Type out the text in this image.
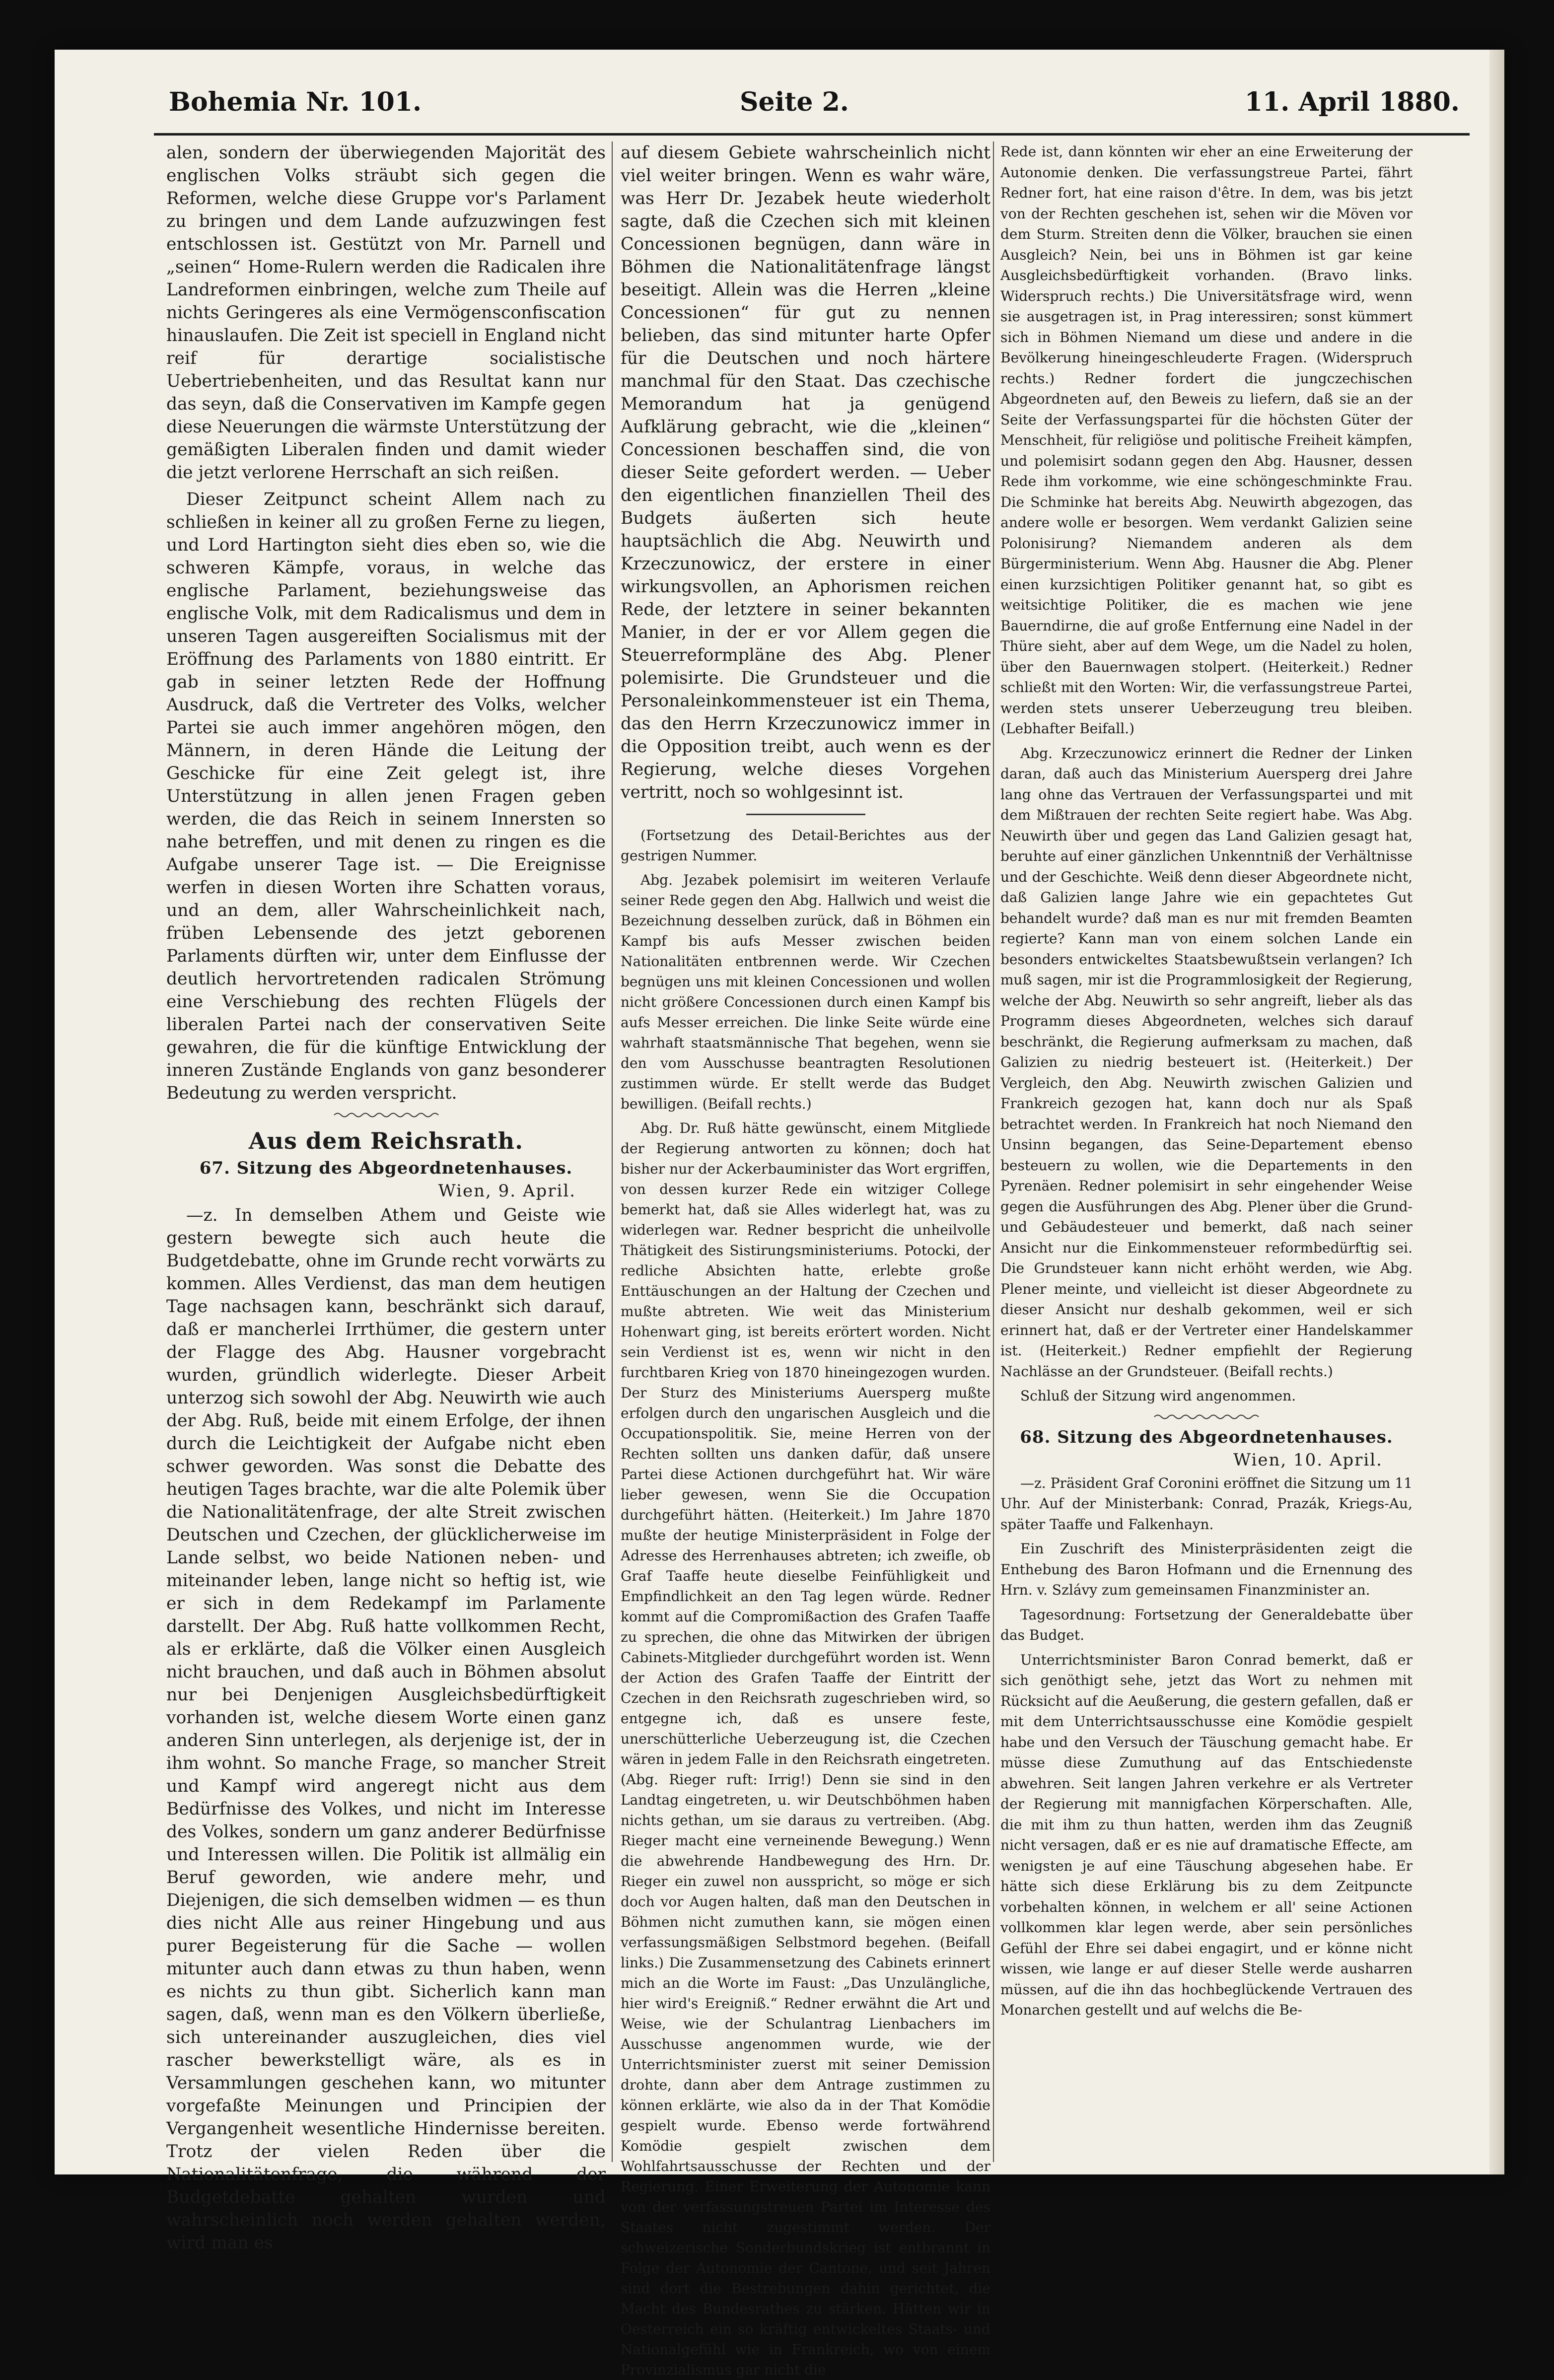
Bohemia Nr. 101.	Seite 2.	11. April 1880.

alen, sondern der überwiegenden Majorität des englischen Volks sträubt sich gegen die Reformen, welche diese Gruppe vor's Parlament zu bringen und dem Lande aufzuzwingen fest entschlossen ist. Gestützt von Mr. Parnell und „seinen“ Home-Rulern werden die Radicalen ihre Landreformen einbringen, welche zum Theile auf nichts Geringeres als eine Vermögensconfiscation hinauslaufen. Die Zeit ist speciell in England nicht reif für derartige socialistische Uebertriebenheiten, und das Resultat kann nur das seyn, daß die Conservativen im Kampfe gegen diese Neuerungen die wärmste Unterstützung der gemäßigten Liberalen finden und damit wieder die jetzt verlorene Herrschaft an sich reißen.

Dieser Zeitpunct scheint Allem nach zu schließen in keiner all zu großen Ferne zu liegen, und Lord Hartington sieht dies eben so, wie die schweren Kämpfe, voraus, in welche das englische Parlament, beziehungsweise das englische Volk, mit dem Radicalismus und dem in unseren Tagen ausgereiften Socialismus mit der Eröffnung des Parlaments von 1880 eintritt. Er gab in seiner letzten Rede der Hoffnung Ausdruck, daß die Vertreter des Volks, welcher Partei sie auch immer angehören mögen, den Männern, in deren Hände die Leitung der Geschicke für eine Zeit gelegt ist, ihre Unterstützung in allen jenen Fragen geben werden, die das Reich in seinem Innersten so nahe betreffen, und mit denen zu ringen es die Aufgabe unserer Tage ist. — Die Ereignisse werfen in diesen Worten ihre Schatten voraus, und an dem, aller Wahrscheinlichkeit nach, früben Lebensende des jetzt geborenen Parlaments dürften wir, unter dem Einflusse der deutlich hervortretenden radicalen Strömung eine Verschiebung des rechten Flügels der liberalen Partei nach der conservativen Seite gewahren, die für die künftige Entwicklung der inneren Zustände Englands von ganz besonderer Bedeutung zu werden verspricht.

Aus dem Reichsrath.
67. Sitzung des Abgeordnetenhauses.
Wien, 9. April.

—z. In demselben Athem und Geiste wie gestern bewegte sich auch heute die Budgetdebatte, ohne im Grunde recht vorwärts zu kommen. Alles Verdienst, das man dem heutigen Tage nachsagen kann, beschränkt sich darauf, daß er mancherlei Irrthümer, die gestern unter der Flagge des Abg. Hausner vorgebracht wurden, gründlich widerlegte. Dieser Arbeit unterzog sich sowohl der Abg. Neuwirth wie auch der Abg. Ruß, beide mit einem Erfolge, der ihnen durch die Leichtigkeit der Aufgabe nicht eben schwer geworden. Was sonst die Debatte des heutigen Tages brachte, war die alte Polemik über die Nationalitätenfrage, der alte Streit zwischen Deutschen und Czechen, der glücklicherweise im Lande selbst, wo beide Nationen neben- und miteinander leben, lange nicht so heftig ist, wie er sich in dem Redekampf im Parlamente darstellt. Der Abg. Ruß hatte vollkommen Recht, als er erklärte, daß die Völker einen Ausgleich nicht brauchen, und daß auch in Böhmen absolut nur bei Denjenigen Ausgleichsbedürftigkeit vorhanden ist, welche diesem Worte einen ganz anderen Sinn unterlegen, als derjenige ist, der in ihm wohnt. So manche Frage, so mancher Streit und Kampf wird angeregt nicht aus dem Bedürfnisse des Volkes, und nicht im Interesse des Volkes, sondern um ganz anderer Bedürfnisse und Interessen willen. Die Politik ist allmälig ein Beruf geworden, wie andere mehr, und Diejenigen, die sich demselben widmen — es thun dies nicht Alle aus reiner Hingebung und aus purer Begeisterung für die Sache — wollen mitunter auch dann etwas zu thun haben, wenn es nichts zu thun gibt. Sicherlich kann man sagen, daß, wenn man es den Völkern überließe, sich untereinander auszugleichen, dies viel rascher bewerkstelligt wäre, als es in Versammlungen geschehen kann, wo mitunter vorgefaßte Meinungen und Principien der Vergangenheit wesentliche Hindernisse bereiten. Trotz der vielen Reden über die Nationalitätenfrage, die während der Budgetdebatte gehalten wurden und wahrscheinlich noch werden gehalten werden, wird man es

auf diesem Gebiete wahrscheinlich nicht viel weiter bringen. Wenn es wahr wäre, was Herr Dr. Jezabek heute wiederholt sagte, daß die Czechen sich mit kleinen Concessionen begnügen, dann wäre in Böhmen die Nationalitätenfrage längst beseitigt. Allein was die Herren „kleine Concessionen“ für gut zu nennen belieben, das sind mitunter harte Opfer für die Deutschen und noch härtere manchmal für den Staat. Das czechische Memorandum hat ja genügend Aufklärung gebracht, wie die „kleinen“ Concessionen beschaffen sind, die von dieser Seite gefordert werden. — Ueber den eigentlichen finanziellen Theil des Budgets äußerten sich heute hauptsächlich die Abg. Neuwirth und Krzeczunowicz, der erstere in einer wirkungsvollen, an Aphorismen reichen Rede, der letztere in seiner bekannten Manier, in der er vor Allem gegen die Steuerreformpläne des Abg. Plener polemisirte. Die Grundsteuer und die Personaleinkommensteuer ist ein Thema, das den Herrn Krzeczunowicz immer in die Opposition treibt, auch wenn es der Regierung, welche dieses Vorgehen vertritt, noch so wohlgesinnt ist.

(Fortsetzung des Detail-Berichtes aus der gestrigen Nummer.

Abg. Jezabek polemisirt im weiteren Verlaufe seiner Rede gegen den Abg. Hallwich und weist die Bezeichnung desselben zurück, daß in Böhmen ein Kampf bis aufs Messer zwischen beiden Nationalitäten entbrennen werde. Wir Czechen begnügen uns mit kleinen Concessionen und wollen nicht größere Concessionen durch einen Kampf bis aufs Messer erreichen. Die linke Seite würde eine wahrhaft staatsmännische That begehen, wenn sie den vom Ausschusse beantragten Resolutionen zustimmen würde. Er stellt werde das Budget bewilligen. (Beifall rechts.)

Abg. Dr. Ruß hätte gewünscht, einem Mitgliede der Regierung antworten zu können; doch hat bisher nur der Ackerbauminister das Wort ergriffen, von dessen kurzer Rede ein witziger College bemerkt hat, daß sie Alles widerlegt hat, was zu widerlegen war. Redner bespricht die unheilvolle Thätigkeit des Sistirungsministeriums. Potocki, der redliche Absichten hatte, erlebte große Enttäuschungen an der Haltung der Czechen und mußte abtreten. Wie weit das Ministerium Hohenwart ging, ist bereits erörtert worden. Nicht sein Verdienst ist es, wenn wir nicht in den furchtbaren Krieg von 1870 hineingezogen wurden. Der Sturz des Ministeriums Auersperg mußte erfolgen durch den ungarischen Ausgleich und die Occupationspolitik. Sie, meine Herren von der Rechten sollten uns danken dafür, daß unsere Partei diese Actionen durchgeführt hat. Wir wäre lieber gewesen, wenn Sie die Occupation durchgeführt hätten. (Heiterkeit.) Im Jahre 1870 mußte der heutige Ministerpräsident in Folge der Adresse des Herrenhauses abtreten; ich zweifle, ob Graf Taaffe heute dieselbe Feinfühligkeit und Empfindlichkeit an den Tag legen würde. Redner kommt auf die Compromißaction des Grafen Taaffe zu sprechen, die ohne das Mitwirken der übrigen Cabinets-Mitglieder durchgeführt worden ist. Wenn der Action des Grafen Taaffe der Eintritt der Czechen in den Reichsrath zugeschrieben wird, so entgegne ich, daß es unsere feste, unerschütterliche Ueberzeugung ist, die Czechen wären in jedem Falle in den Reichsrath eingetreten. (Abg. Rieger ruft: Irrig!) Denn sie sind in den Landtag eingetreten, u. wir Deutschböhmen haben nichts gethan, um sie daraus zu vertreiben. (Abg. Rieger macht eine verneinende Bewegung.) Wenn die abwehrende Handbewegung des Hrn. Dr. Rieger ein zuwel non ausspricht, so möge er sich doch vor Augen halten, daß man den Deutschen in Böhmen nicht zumuthen kann, sie mögen einen verfassungsmäßigen Selbstmord begehen. (Beifall links.) Die Zusammensetzung des Cabinets erinnert mich an die Worte im Faust: „Das Unzulängliche, hier wird's Ereigniß.“ Redner erwähnt die Art und Weise, wie der Schulantrag Lienbachers im Ausschusse angenommen wurde, wie der Unterrichtsminister zuerst mit seiner Demission drohte, dann aber dem Antrage zustimmen zu können erklärte, wie also da in der That Komödie gespielt wurde. Ebenso werde fortwährend Komödie gespielt zwischen dem Wohlfahrtsausschusse der Rechten und der Regierung. Einer Erweiterung der Autonomie kann von der verfassungstreuen Partei im Interesse des Staates nicht zugestimmt werden. Der schweizerische Sonderbundskrieg ist entbrannt in Folge der Autonomie der Cantone, und seit Jahren sind dort die Bestrebungen dahin gerichtet, die Macht des Bundesrathes zu stärken. Hätten wir in Oesterreich ein so kräftig entwickeltes Staats- und Nationalgefühl wie in Frankreich, wo von einem Provinzialismus gar nicht die

Rede ist, dann könnten wir eher an eine Erweiterung der Autonomie denken. Die verfassungstreue Partei, fährt Redner fort, hat eine raison d'être. In dem, was bis jetzt von der Rechten geschehen ist, sehen wir die Möven vor dem Sturm. Streiten denn die Völker, brauchen sie einen Ausgleich? Nein, bei uns in Böhmen ist gar keine Ausgleichsbedürftigkeit vorhanden. (Bravo links. Widerspruch rechts.) Die Universitätsfrage wird, wenn sie ausgetragen ist, in Prag interessiren; sonst kümmert sich in Böhmen Niemand um diese und andere in die Bevölkerung hineingeschleuderte Fragen. (Widerspruch rechts.) Redner fordert die jungczechischen Abgeordneten auf, den Beweis zu liefern, daß sie an der Seite der Verfassungspartei für die höchsten Güter der Menschheit, für religiöse und politische Freiheit kämpfen, und polemisirt sodann gegen den Abg. Hausner, dessen Rede ihm vorkomme, wie eine schöngeschminkte Frau. Die Schminke hat bereits Abg. Neuwirth abgezogen, das andere wolle er besorgen. Wem verdankt Galizien seine Polonisirung? Niemandem anderen als dem Bürgerministerium. Wenn Abg. Hausner die Abg. Plener einen kurzsichtigen Politiker genannt hat, so gibt es weitsichtige Politiker, die es machen wie jene Bauerndirne, die auf große Entfernung eine Nadel in der Thüre sieht, aber auf dem Wege, um die Nadel zu holen, über den Bauernwagen stolpert. (Heiterkeit.) Redner schließt mit den Worten: Wir, die verfassungstreue Partei, werden stets unserer Ueberzeugung treu bleiben. (Lebhafter Beifall.)

Abg. Krzeczunowicz erinnert die Redner der Linken daran, daß auch das Ministerium Auersperg drei Jahre lang ohne das Vertrauen der Verfassungspartei und mit dem Mißtrauen der rechten Seite regiert habe. Was Abg. Neuwirth über und gegen das Land Galizien gesagt hat, beruhte auf einer gänzlichen Unkenntniß der Verhältnisse und der Geschichte. Weiß denn dieser Abgeordnete nicht, daß Galizien lange Jahre wie ein gepachtetes Gut behandelt wurde? daß man es nur mit fremden Beamten regierte? Kann man von einem solchen Lande ein besonders entwickeltes Staatsbewußtsein verlangen? Ich muß sagen, mir ist die Programmlosigkeit der Regierung, welche der Abg. Neuwirth so sehr angreift, lieber als das Programm dieses Abgeordneten, welches sich darauf beschränkt, die Regierung aufmerksam zu machen, daß Galizien zu niedrig besteuert ist. (Heiterkeit.) Der Vergleich, den Abg. Neuwirth zwischen Galizien und Frankreich gezogen hat, kann doch nur als Spaß betrachtet werden. In Frankreich hat noch Niemand den Unsinn begangen, das Seine-Departement ebenso besteuern zu wollen, wie die Departements in den Pyrenäen. Redner polemisirt in sehr eingehender Weise gegen die Ausführungen des Abg. Plener über die Grund- und Gebäudesteuer und bemerkt, daß nach seiner Ansicht nur die Einkommensteuer reformbedürftig sei. Die Grundsteuer kann nicht erhöht werden, wie Abg. Plener meinte, und vielleicht ist dieser Abgeordnete zu dieser Ansicht nur deshalb gekommen, weil er sich erinnert hat, daß er der Vertreter einer Handelskammer ist. (Heiterkeit.) Redner empfiehlt der Regierung Nachlässe an der Grundsteuer. (Beifall rechts.)

Schluß der Sitzung wird angenommen.

68. Sitzung des Abgeordnetenhauses.
Wien, 10. April.

—z. Präsident Graf Coronini eröffnet die Sitzung um 11 Uhr. Auf der Ministerbank: Conrad, Prazák, Kriegs-Au, später Taaffe und Falkenhayn.

Ein Zuschrift des Ministerpräsidenten zeigt die Enthebung des Baron Hofmann und die Ernennung des Hrn. v. Szlávy zum gemeinsamen Finanzminister an.

Tagesordnung: Fortsetzung der Generaldebatte über das Budget.

Unterrichtsminister Baron Conrad bemerkt, daß er sich genöthigt sehe, jetzt das Wort zu nehmen mit Rücksicht auf die Aeußerung, die gestern gefallen, daß er mit dem Unterrichtsausschusse eine Komödie gespielt habe und den Versuch der Täuschung gemacht habe. Er müsse diese Zumuthung auf das Entschiedenste abwehren. Seit langen Jahren verkehre er als Vertreter der Regierung mit mannigfachen Körperschaften. Alle, die mit ihm zu thun hatten, werden ihm das Zeugniß nicht versagen, daß er es nie auf dramatische Effecte, am wenigsten je auf eine Täuschung abgesehen habe. Er hätte sich diese Erklärung bis zu dem Zeitpuncte vorbehalten können, in welchem er all' seine Actionen vollkommen klar legen werde, aber sein persönliches Gefühl der Ehre sei dabei engagirt, und er könne nicht wissen, wie lange er auf dieser Stelle werde ausharren müssen, auf die ihn das hochbeglückende Vertrauen des Monarchen gestellt und auf welchs die Be-
